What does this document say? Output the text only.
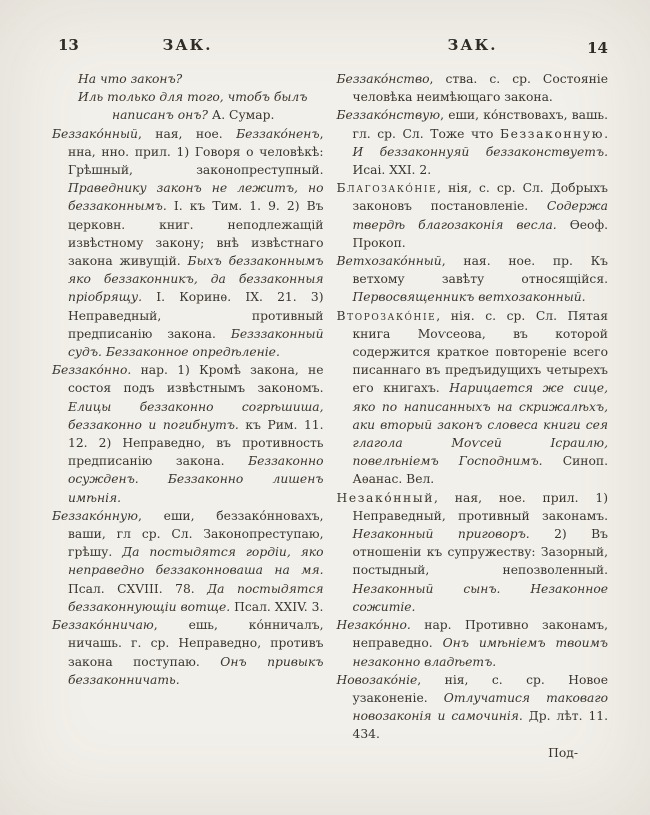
13	ЗАК.	ЗАК.	14

На что законъ?

Иль только для того, чтобъ былъ

написанъ онъ? А. Сумар.

Беззако́нный, ная, ное. Беззако́ненъ, нна, нно. прил. 1) Говоря о человѣкѣ: Грѣшный, законопреступный. Праведнику законъ не лежитъ, но беззаконнымъ. I. къ Тим. 1. 9. 2) Въ церковн. книг. неподлежащій извѣстному закону; внѣ извѣстнаго закона живущій. Быхъ беззаконнымъ яко беззаконникъ, да беззаконныя пріобрящу. I. Коринѳ. IX. 21. 3) Неправедный, противный предписанію закона. Безззаконный судъ. Беззаконное опредѣленіе.

Беззако́нно. нар. 1) Кромѣ закона, не состоя подъ извѣстнымъ закономъ. Елицы беззаконно согрѣшиша, беззаконно и погибнутъ. къ Рим. 11. 12. 2) Неправедно, въ противность предписанію закона. Беззаконно осужденъ. Беззаконно лишенъ имѣнія.

Беззако́нную, еши, беззако́нновахъ, ваши, гл ср. Сл. Законопреступаю, грѣшу. Да постыдятся гордіи, яко неправедно беззаконноваша на мя. Псал. CXVIII. 78. Да постыдятся беззаконнующіи вотще. Псал. XXIV. 3.

Беззако́нничаю, ешь, ко́нничалъ, ничашь. г. ср. Неправедно, противъ закона поступаю. Онъ привыкъ беззаконничать.

Беззако́нство, ства. с. ср. Состояніе человѣка неимѣющаго закона.

Беззако́нствую, еши, ко́нствовахъ, вашь. гл. ср. Сл. Тоже что Беззаконную. И беззаконнуяй беззаконствуетъ. Исаі. XXI. 2.

Благозако́ніе, нія, с. ср. Сл. Добрыхъ законовъ постановленіе. Содержа твердѣ благозаконія весла. Ѳеоф. Прокоп.

Ветхозако́нный, ная. ное. пр. Къ ветхому завѣту относящійся. Первосвященникъ ветхозаконный.

Второзако́ніе, нія. с. ср. Сл. Пятая книга Моѵсеова, въ которой содержится краткое повтореніе всего писаннаго въ предъидущихъ четырехъ его книгахъ. Нарицается же сице, яко по написанныхъ на скрижалѣхъ, аки вторый законъ словеса книги сея глагола Моѵсей Ісраилю, повелѣніемъ Господнимъ. Синоп. Аѳанас. Вел.

Незако́нный, ная, ное. прил. 1) Неправедный, противный законамъ. Незаконный приговоръ. 2) Въ отношеніи къ супружеству: Зазорный, постыдный, непозволенный. Незаконный сынъ. Незаконное сожитіе.

Незако́нно. нар. Противно законамъ, неправедно. Онъ имѣніемъ твоимъ незаконно владѣетъ.

Новозако́ніе, нія, с. ср. Новое узаконеніе. Отлучатися таковаго новозаконія и самочинія. Др. лѣт. 11. 434.

Под-
